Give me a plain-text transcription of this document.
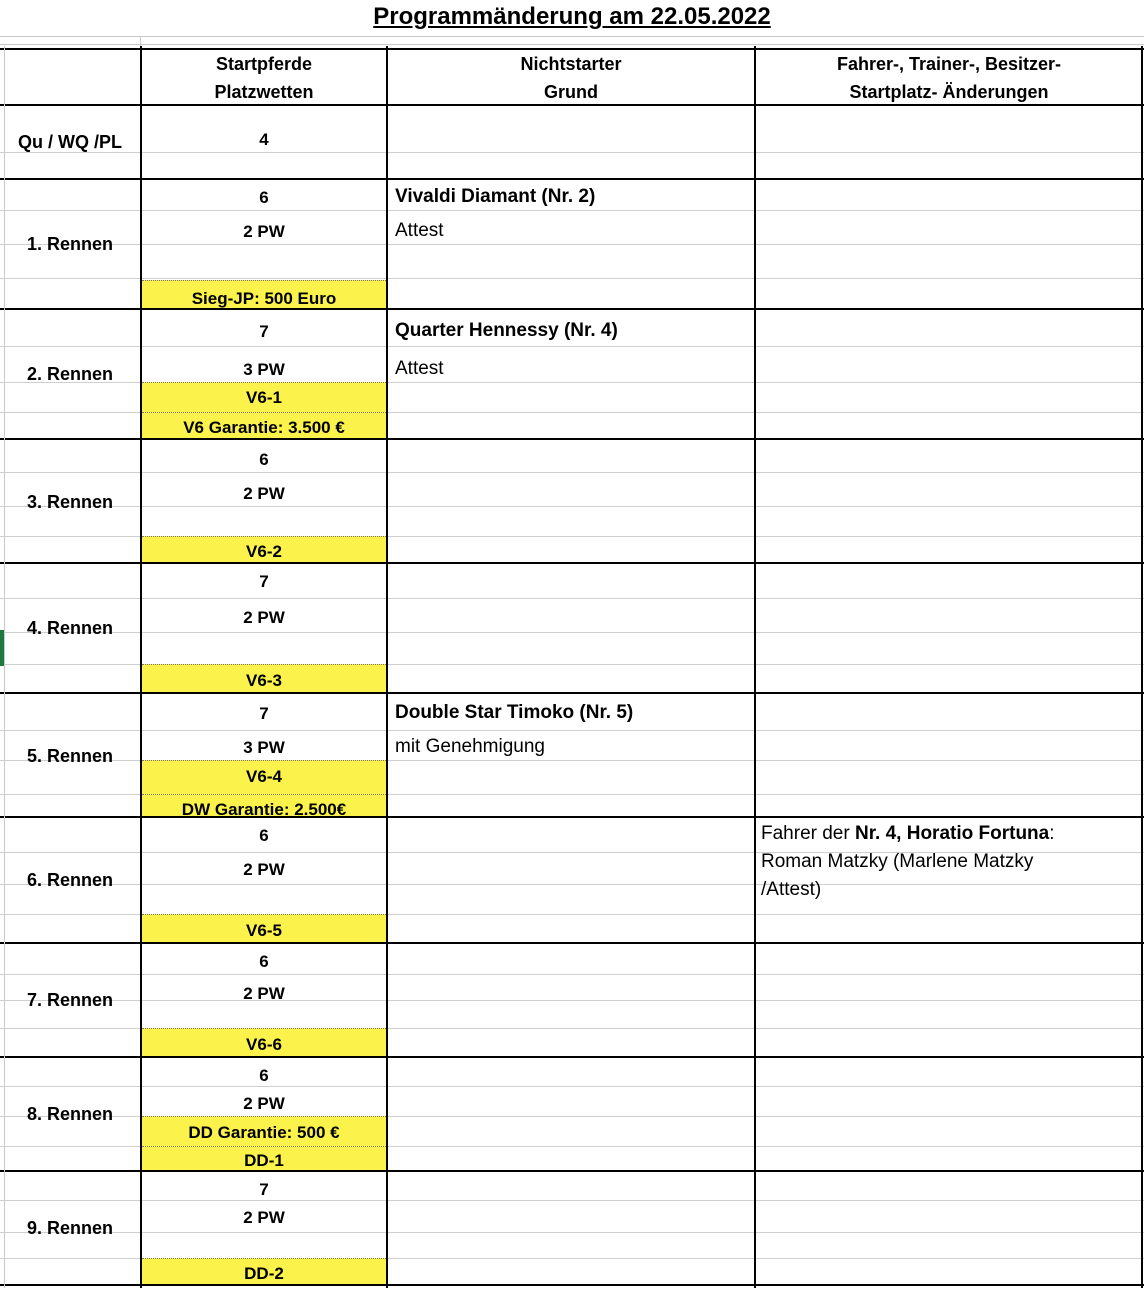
Programmänderung am 22.05.2022
Startpferde
Platzwetten
Nichtstarter
Grund
Fahrer-, Trainer-, Besitzer-
Startplatz- Änderungen
Qu / WQ /PL	4
1. Rennen
6
2 PW
Sieg-JP: 500 Euro
Vivaldi Diamant (Nr. 2)
Attest
2. Rennen
7
3 PW
V6-1
V6 Garantie: 3.500 €
Quarter Hennessy (Nr. 4)
Attest
3. Rennen
6
2 PW
V6-2
4. Rennen
7
2 PW
V6-3
5. Rennen
7
3 PW
V6-4
DW Garantie: 2.500€
Double Star Timoko (Nr. 5)
mit Genehmigung
6. Rennen
6
2 PW
V6-5
Fahrer der Nr. 4, Horatio Fortuna:
Roman Matzky (Marlene Matzky
/Attest)
7. Rennen
6
2 PW
V6-6
8. Rennen
6
2 PW
DD Garantie: 500 €
DD-1
9. Rennen
7
2 PW
DD-2
